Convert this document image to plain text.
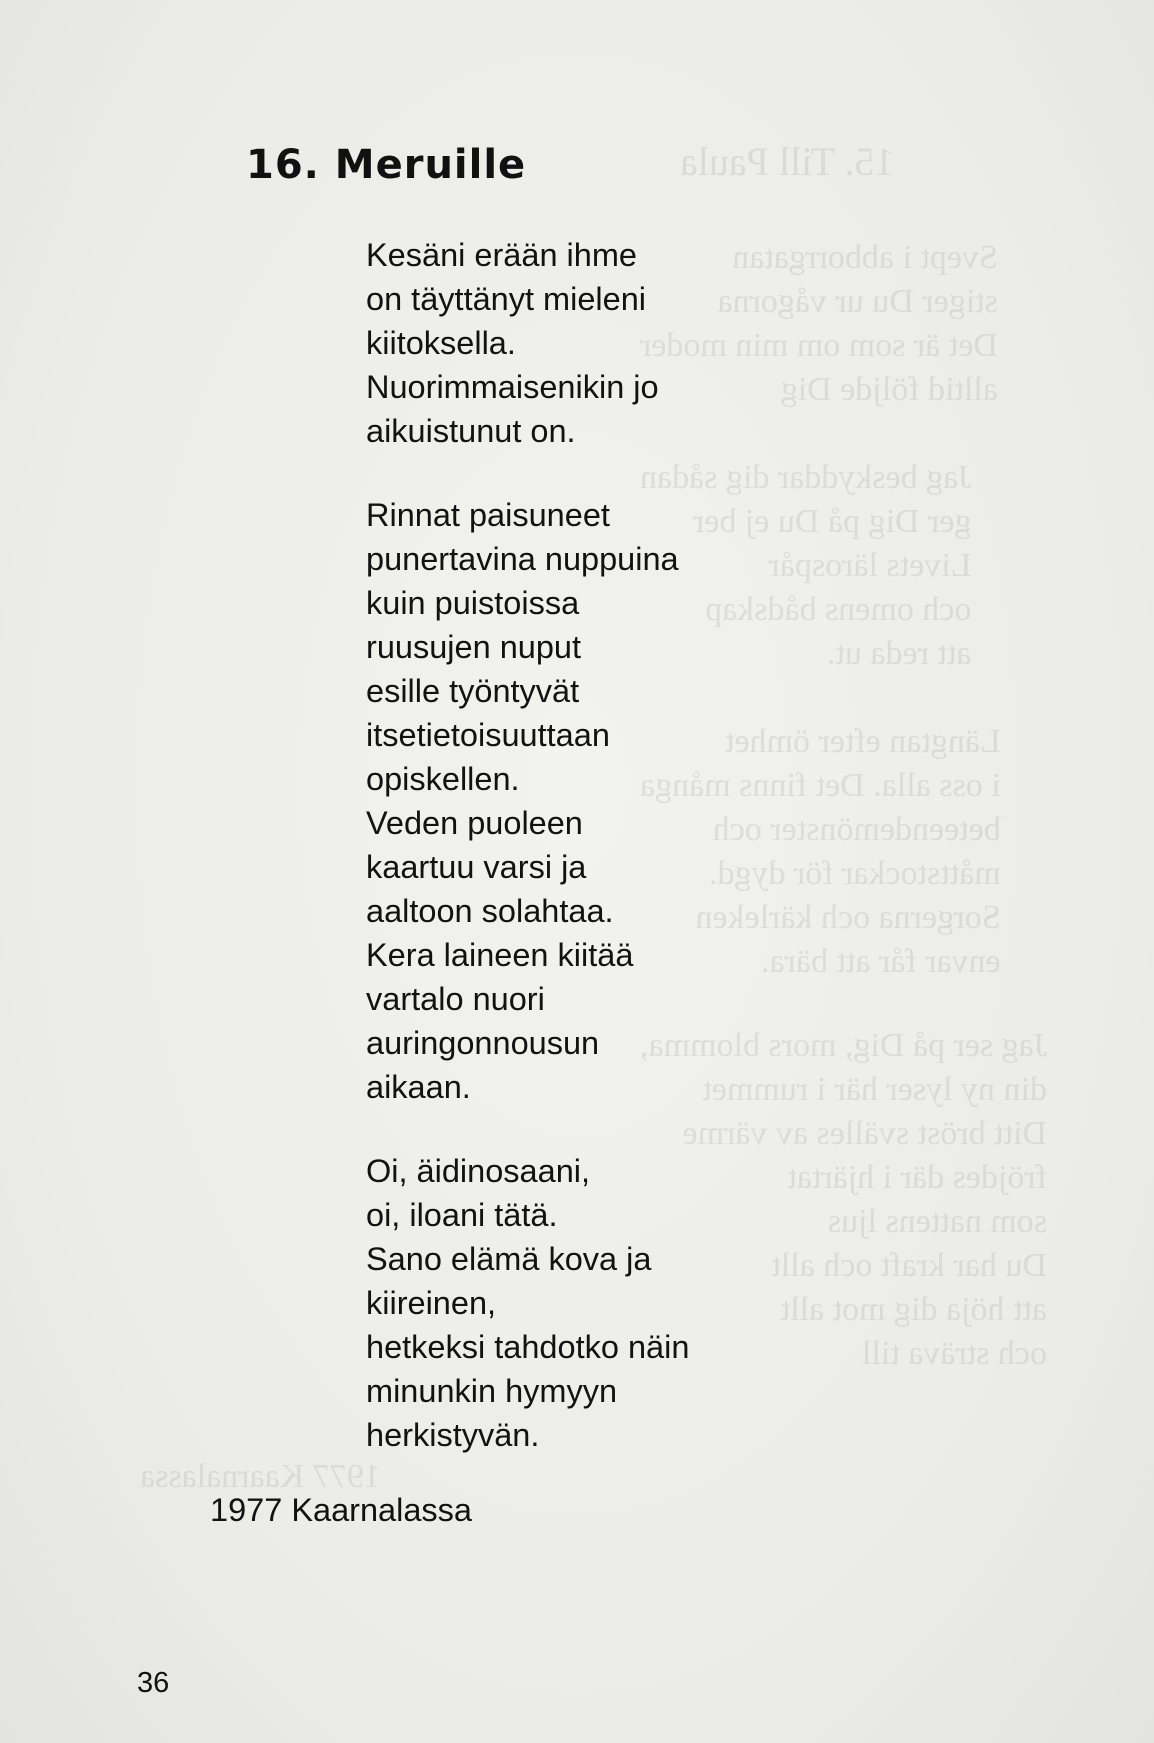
15. Till Paula
Svept i abborrgatan
stiger Du ur vågorna
Det är som om min moder
alltid följde Dig
Jag beskyddar dig sådan
ger Dig på Du ej ber
Livets lärospår
och omens bådskap
att reda ut.
Längtan efter ömhet
i oss alla. Det finns många
beteendemönster och
måttstockar för dygd.
Sorgerna och kärleken
envar får att bära.
Jag ser på Dig, mors blomma,
din ny lyser här i rummet
Ditt bröst svälles av värme
fröjdes där i hjärtat
som nattens ljus
Du har kraft och allt
att höja dig mot allt
och sträva till
1977 Kaarnalassa
16. Meruille
Kesäni erään ihme
on täyttänyt mieleni
kiitoksella.
Nuorimmaisenikin jo
aikuistunut on.
Rinnat paisuneet
punertavina nuppuina
kuin puistoissa
ruusujen nuput
esille työntyvät
itsetietoisuuttaan
opiskellen.
Veden puoleen
kaartuu varsi ja
aaltoon solahtaa.
Kera laineen kiitää
vartalo nuori
auringonnousun
aikaan.
Oi, äidinosaani,
oi, iloani tätä.
Sano elämä kova ja
kiireinen,
hetkeksi tahdotko näin
minunkin hymyyn
herkistyvän.
1977 Kaarnalassa
36
